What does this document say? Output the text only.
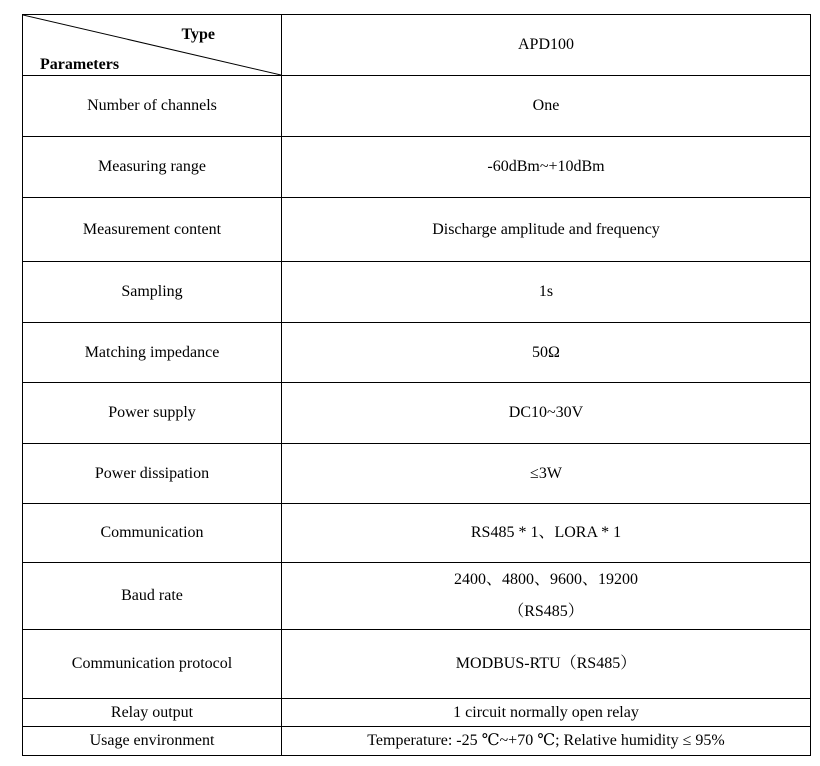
Type
Parameters	APD100
Number of channels	One
Measuring range	-60dBm~+10dBm
Measurement content	Discharge amplitude and frequency
Sampling	1s
Matching impedance	50Ω
Power supply	DC10~30V
Power dissipation	≤3W
Communication	RS485 * 1、LORA * 1
Baud rate	2400、4800、9600、19200
（RS485）

Communication protocol	MODBUS-RTU（RS485）
Relay output	1 circuit normally open relay
Usage environment	Temperature: -25 ℃~+70 ℃; Relative humidity ≤ 95%
